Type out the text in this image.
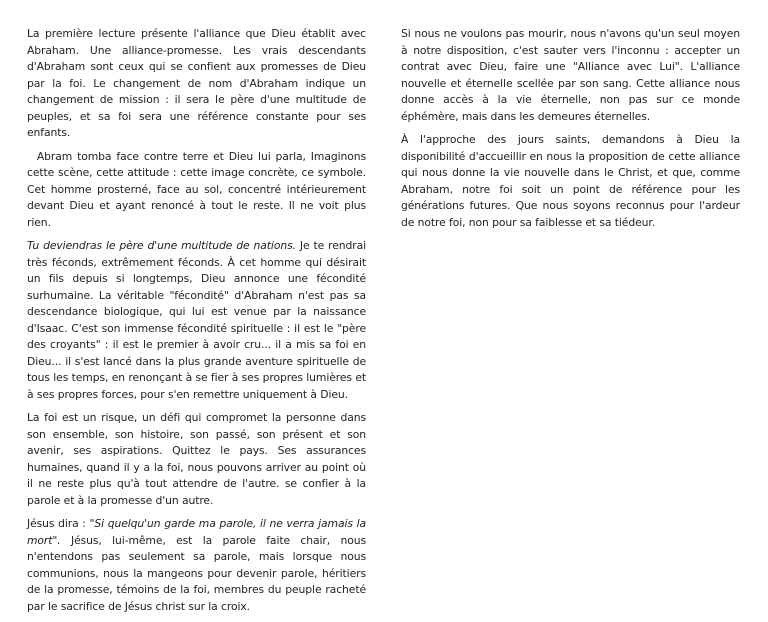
La première lecture présente l'alliance que Dieu établit avec Abraham. Une alliance-promesse. Les vrais descendants d'Abraham sont ceux qui se confient aux promesses de Dieu par la foi. Le changement de nom d'Abraham indique un changement de mission : il sera le père d'une multitude de peuples, et sa foi sera une référence constante pour ses enfants.

Abram tomba face contre terre et Dieu lui parla, Imaginons cette scène, cette attitude : cette image concrète, ce symbole. Cet homme prosterné, face au sol, concentré intérieurement devant Dieu et ayant renoncé à tout le reste. Il ne voit plus rien.

Tu deviendras le père d'une multitude de nations. Je te rendrai très féconds, extrêmement féconds. À cet homme qui désirait un fils depuis si longtemps, Dieu annonce une fécondité surhumaine. La véritable "fécondité" d'Abraham n'est pas sa descendance biologique, qui lui est venue par la naissance d'Isaac. C'est son immense fécondité spirituelle : il est le "père des croyants" : il est le premier à avoir cru... il a mis sa foi en Dieu... il s'est lancé dans la plus grande aventure spirituelle de tous les temps, en renonçant à se fier à ses propres lumières et à ses propres forces, pour s'en remettre uniquement à Dieu.

La foi est un risque, un défi qui compromet la personne dans son ensemble, son histoire, son passé, son présent et son avenir, ses aspirations. Quittez le pays. Ses assurances humaines, quand il y a la foi, nous pouvons arriver au point où il ne reste plus qu'à tout attendre de l'autre. se confier à la parole et à la promesse d'un autre.

Jésus dira : "Si quelqu'un garde ma parole, il ne verra jamais la mort". Jésus, lui-même, est la parole faite chair, nous n'entendons pas seulement sa parole, mais lorsque nous communions, nous la mangeons pour devenir parole, héritiers de la promesse, témoins de la foi, membres du peuple racheté par le sacrifice de Jésus christ sur la croix.

Si nous ne voulons pas mourir, nous n'avons qu'un seul moyen à notre disposition, c'est sauter vers l'inconnu : accepter un contrat avec Dieu, faire une "Alliance avec Lui". L'alliance nouvelle et éternelle scellée par son sang. Cette alliance nous donne accès à la vie éternelle, non pas sur ce monde éphémère, mais dans les demeures éternelles.

À l'approche des jours saints, demandons à Dieu la disponibilité d'accueillir en nous la proposition de cette alliance qui nous donne la vie nouvelle dans le Christ, et que, comme Abraham, notre foi soit un point de référence pour les générations futures. Que nous soyons reconnus pour l'ardeur de notre foi, non pour sa faiblesse et sa tiédeur.
